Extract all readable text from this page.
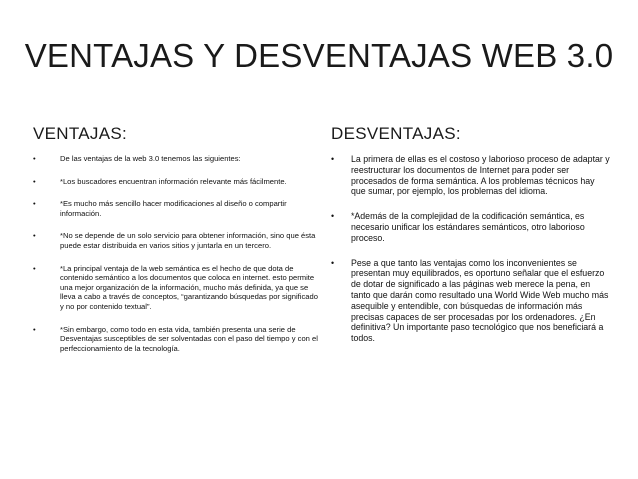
VENTAJAS Y DESVENTAJAS WEB 3.0
VENTAJAS:
•	De las ventajas de la web 3.0 tenemos las siguientes:
•	*Los buscadores encuentran información relevante más fácilmente.
•	*Es mucho más sencillo hacer modificaciones al diseño o compartir información.
•	*No se depende de un solo servicio para obtener información, sino que ésta puede estar distribuida en varios sitios y juntarla en un tercero.
•	*La principal ventaja de la web semántica es el hecho de que dota de contenido semántico a los documentos que coloca en internet. esto permite una mejor organización de la información, mucho más definida, ya que se lleva a cabo a través de conceptos, “garantizando búsquedas por significado y no por contenido textual”.
•	*Sin embargo, como todo en esta vida, también presenta una serie de Desventajas susceptibles de ser solventadas con el paso del tiempo y con el perfeccionamiento de la tecnología.
DESVENTAJAS:
• La primera de ellas es el costoso y laborioso proceso de adaptar y reestructurar los documentos de Internet para poder ser procesados de forma semántica. A los problemas técnicos hay que sumar, por ejemplo, los problemas del idioma.
• *Además de la complejidad de la codificación semántica, es necesario unificar los estándares semánticos, otro laborioso proceso.
• Pese a que tanto las ventajas como los inconvenientes se presentan muy equilibrados, es oportuno señalar que el esfuerzo de dotar de significado a las páginas web merece la pena, en tanto que darán como resultado una World Wide Web mucho más asequible y entendible, con búsquedas de información más precisas capaces de ser procesadas por los ordenadores. ¿En definitiva? Un importante paso tecnológico que nos beneficiará a todos.
